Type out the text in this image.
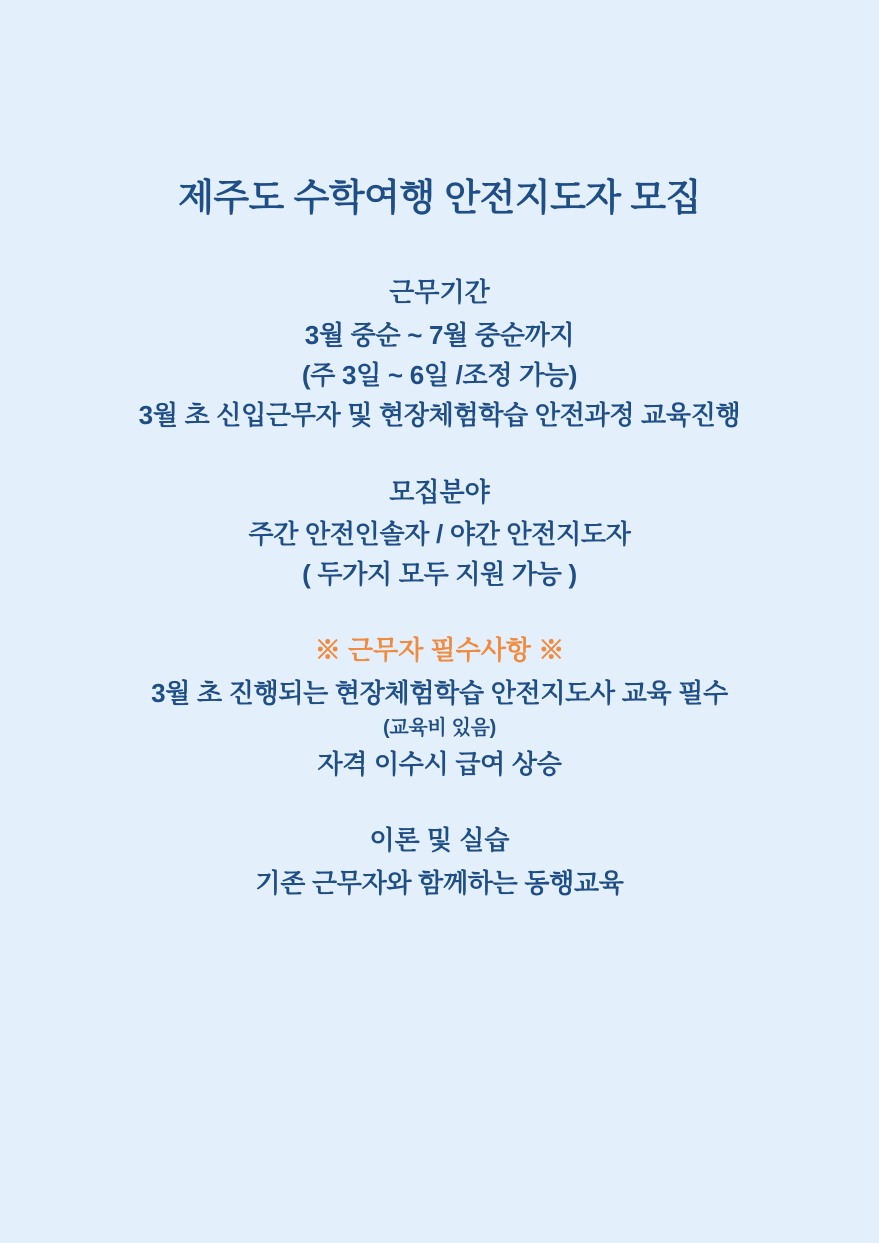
제주도 수학여행 안전지도자 모집

근무기간

3월 중순 ~ 7월 중순까지

(주 3일 ~ 6일 /조정 가능)

3월 초 신입근무자 및 현장체험학습 안전과정 교육진행

모집분야

주간 안전인솔자 / 야간 안전지도자

( 두가지 모두 지원 가능 )

※ 근무자 필수사항 ※

3월 초 진행되는 현장체험학습 안전지도사 교육 필수

(교육비 있음)

자격 이수시 급여 상승

이론 및 실습

기존 근무자와 함께하는 동행교육
